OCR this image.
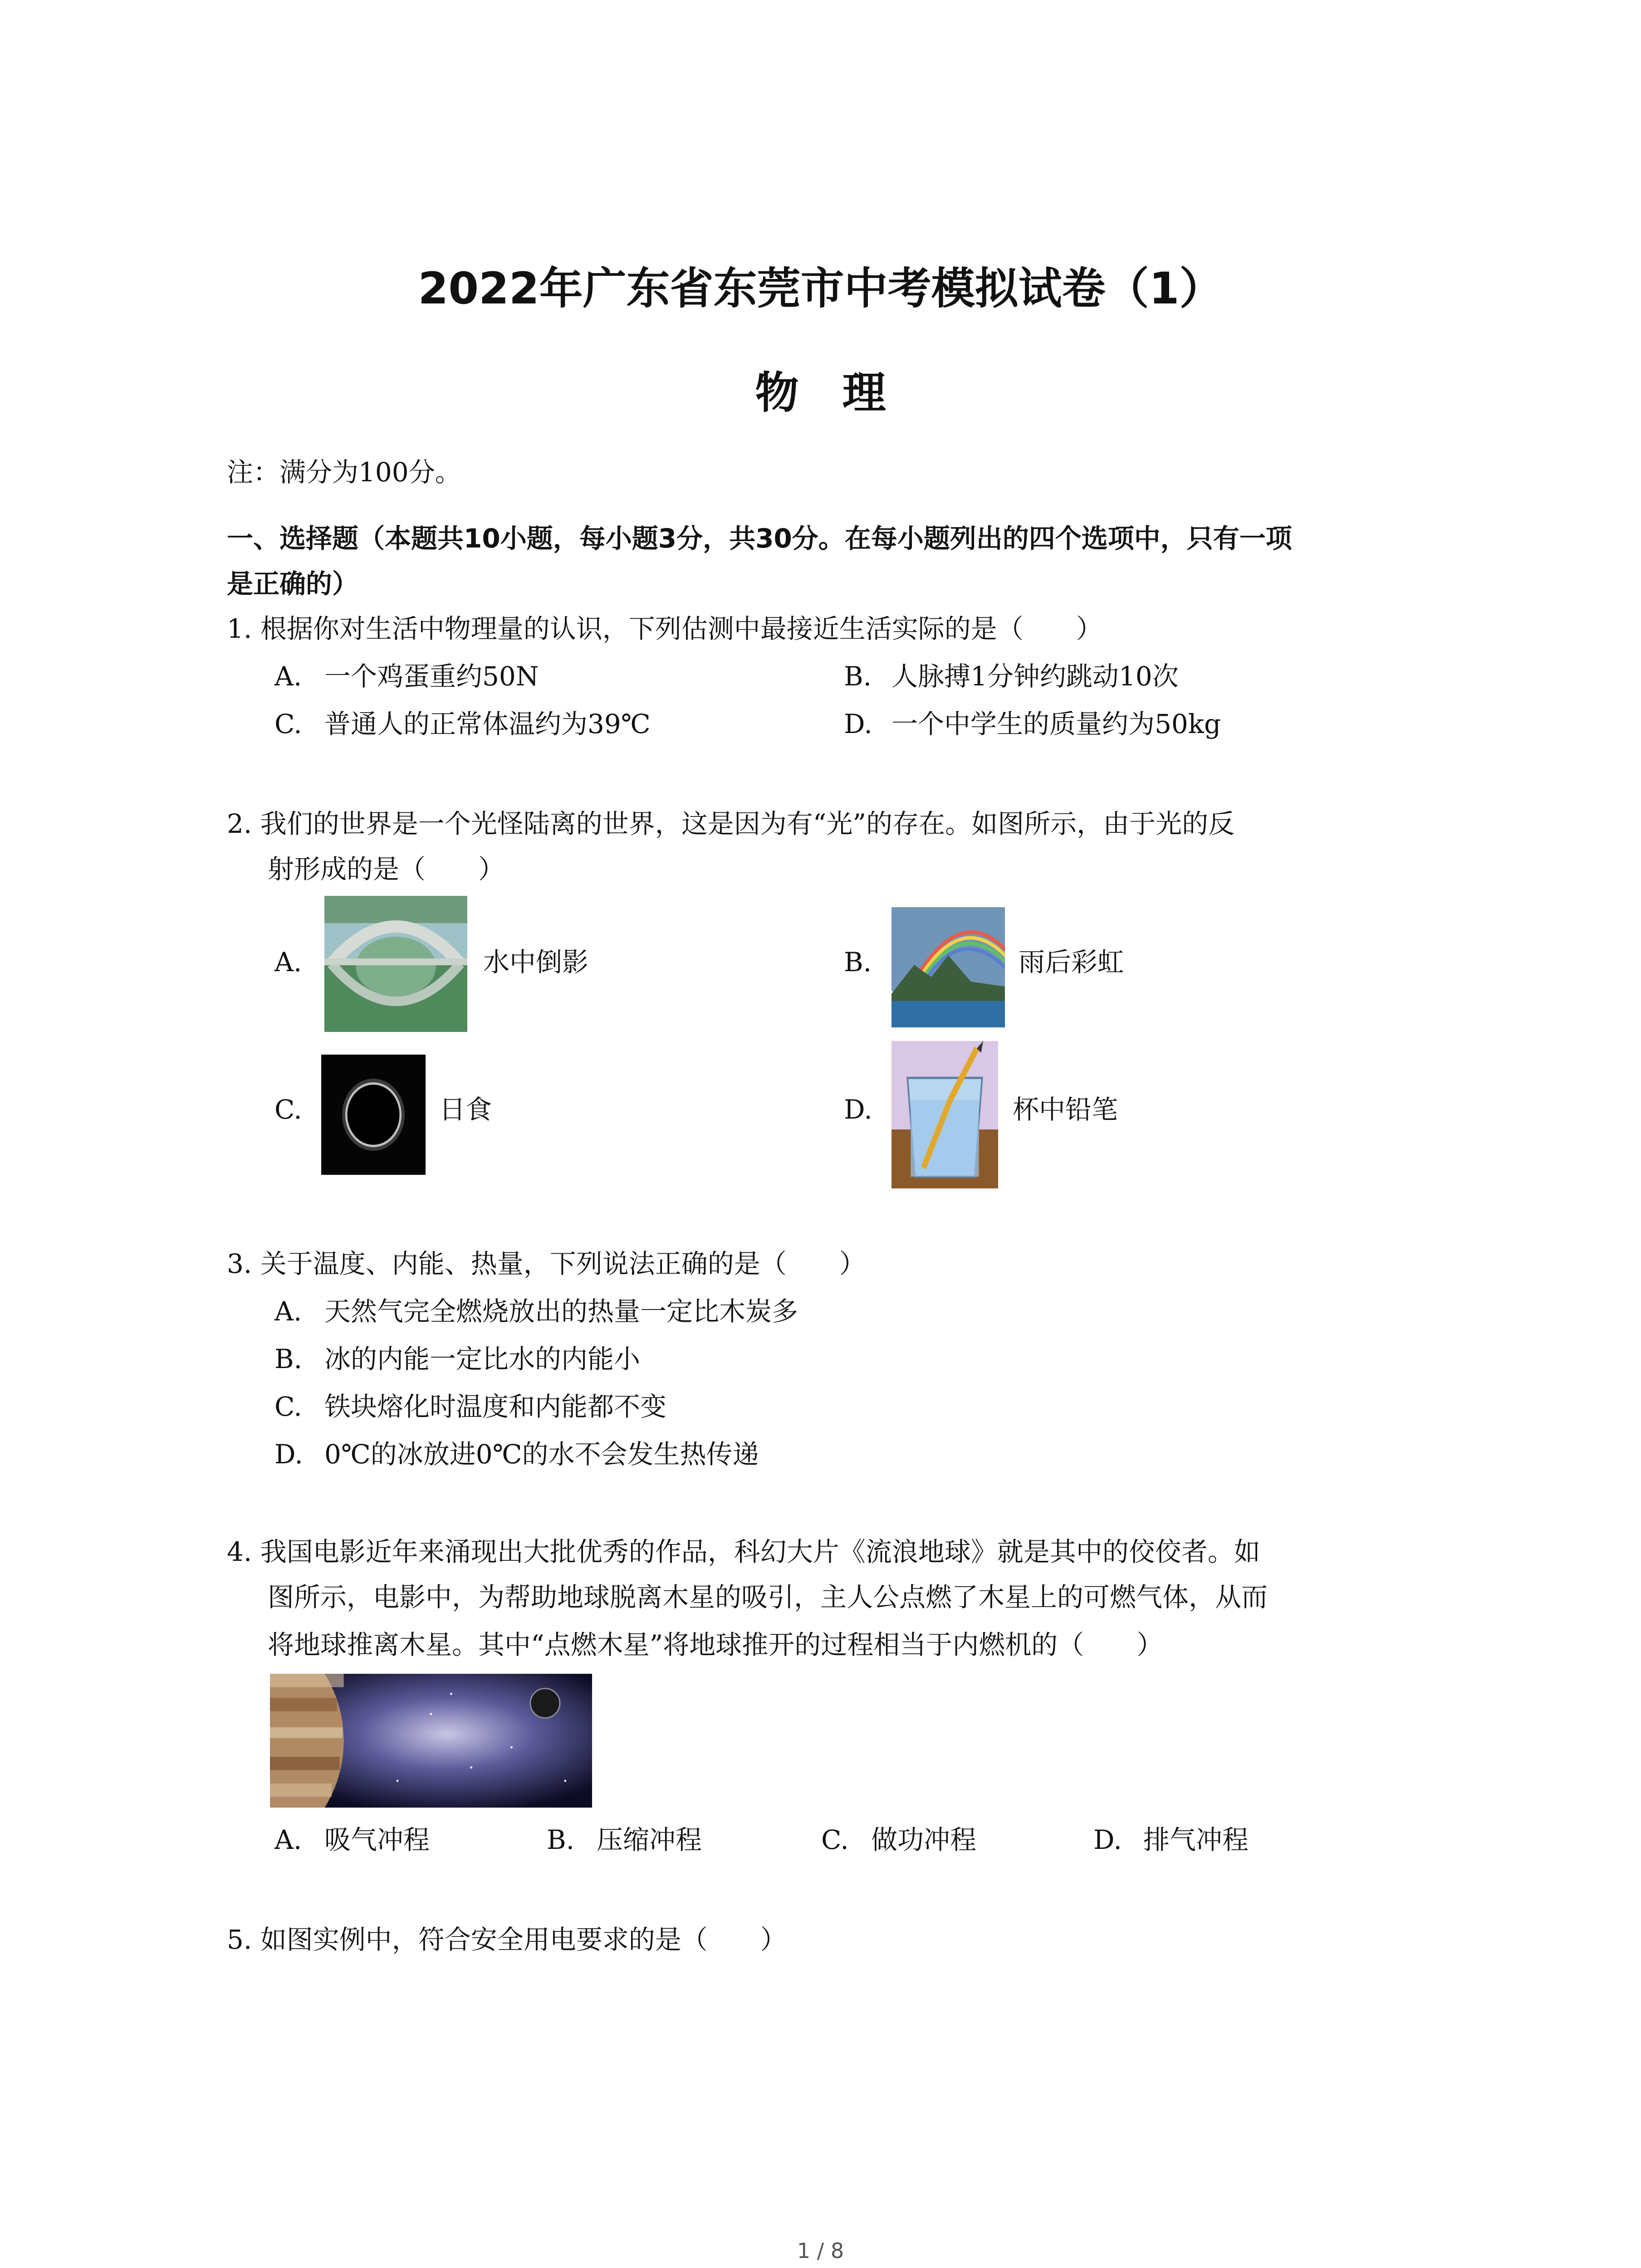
2022年广东省东莞市中考模拟试卷（1）
物　理
注：满分为100分。
一、选择题（本题共10小题，每小题3分，共30分。在每小题列出的四个选项中，只有一项
是正确的）
1. 根据你对生活中物理量的认识，下列估测中最接近生活实际的是（　　）
A. 一个鸡蛋重约50N	B. 人脉搏1分钟约跳动10次
C. 普通人的正常体温约为39℃	D. 一个中学生的质量约为50kg
2. 我们的世界是一个光怪陆离的世界，这是因为有“光”的存在。如图所示，由于光的反
射形成的是（　　）
A.	水中倒影	B.	雨后彩虹
C.	日食	D.	杯中铅笔
3. 关于温度、内能、热量，下列说法正确的是（　　）
A. 天然气完全燃烧放出的热量一定比木炭多
B. 冰的内能一定比水的内能小
C. 铁块熔化时温度和内能都不变
D. 0℃的冰放进0℃的水不会发生热传递
4. 我国电影近年来涌现出大批优秀的作品，科幻大片《流浪地球》就是其中的佼佼者。如
图所示，电影中，为帮助地球脱离木星的吸引，主人公点燃了木星上的可燃气体，从而
将地球推离木星。其中“点燃木星”将地球推开的过程相当于内燃机的（　　）
A. 吸气冲程	B. 压缩冲程	C. 做功冲程	D. 排气冲程
5. 如图实例中，符合安全用电要求的是（　　）
1 / 8
